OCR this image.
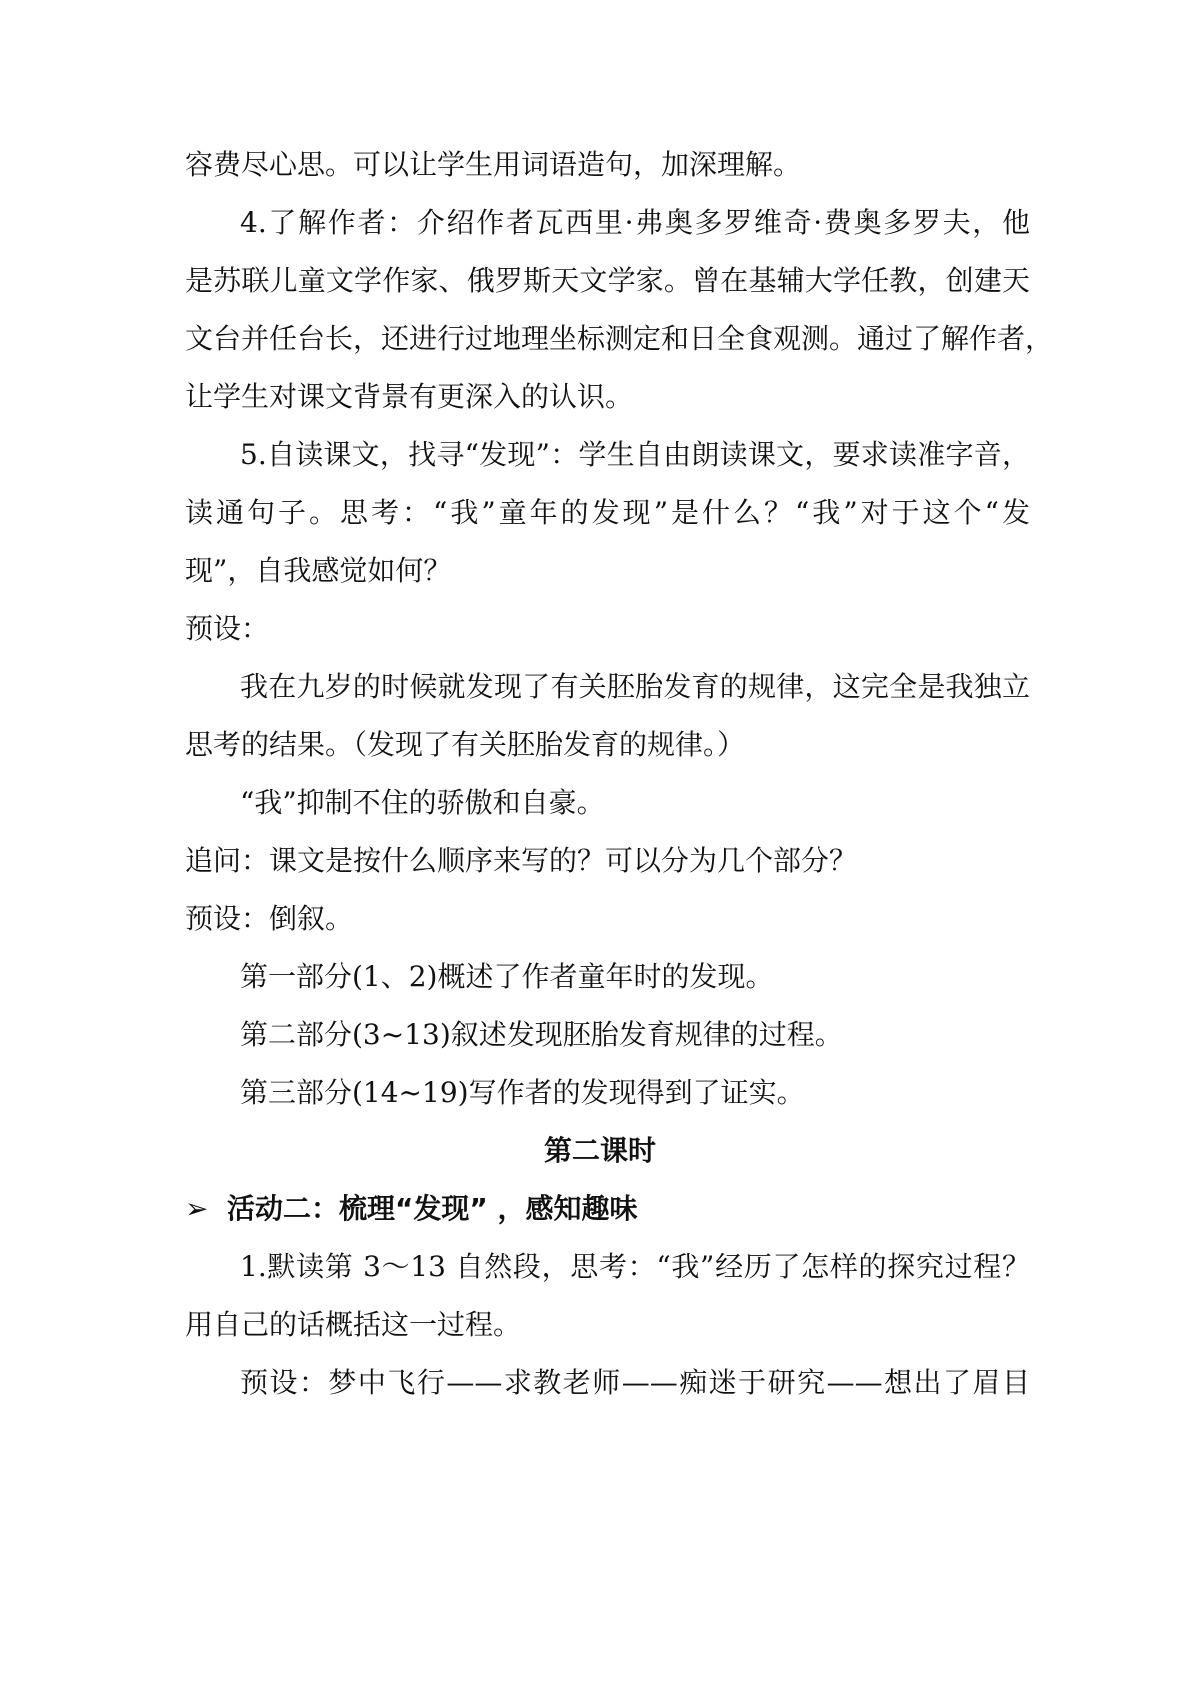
容费尽心思。可以让学生用词语造句，加深理解。
4.了解作者：介绍作者瓦西里·弗奥多罗维奇·费奥多罗夫，他
是苏联儿童文学作家、俄罗斯天文学家。曾在基辅大学任教，创建天
文台并任台长，还进行过地理坐标测定和日全食观测。通过了解作者，
让学生对课文背景有更深入的认识。
5.自读课文，找寻“发现”：学生自由朗读课文，要求读准字音，
读通句子。思考：“我”童年的发现”是什么？“我”对于这个“发
现”，自我感觉如何？
预设：
我在九岁的时候就发现了有关胚胎发育的规律，这完全是我独立
思考的结果。（发现了有关胚胎发育的规律。）
“我”抑制不住的骄傲和自豪。
追问：课文是按什么顺序来写的？可以分为几个部分？
预设：倒叙。
第一部分(1、2)概述了作者童年时的发现。
第二部分(3~13)叙述发现胚胎发育规律的过程。
第三部分(14~19)写作者的发现得到了证实。
第二课时
➢ 活动二：梳理“发现” ，感知趣味
1.默读第 3～13 自然段，思考：“我”经历了怎样的探究过程？
用自己的话概括这一过程。
预设：梦中飞行——求教老师——痴迷于研究——想出了眉目
